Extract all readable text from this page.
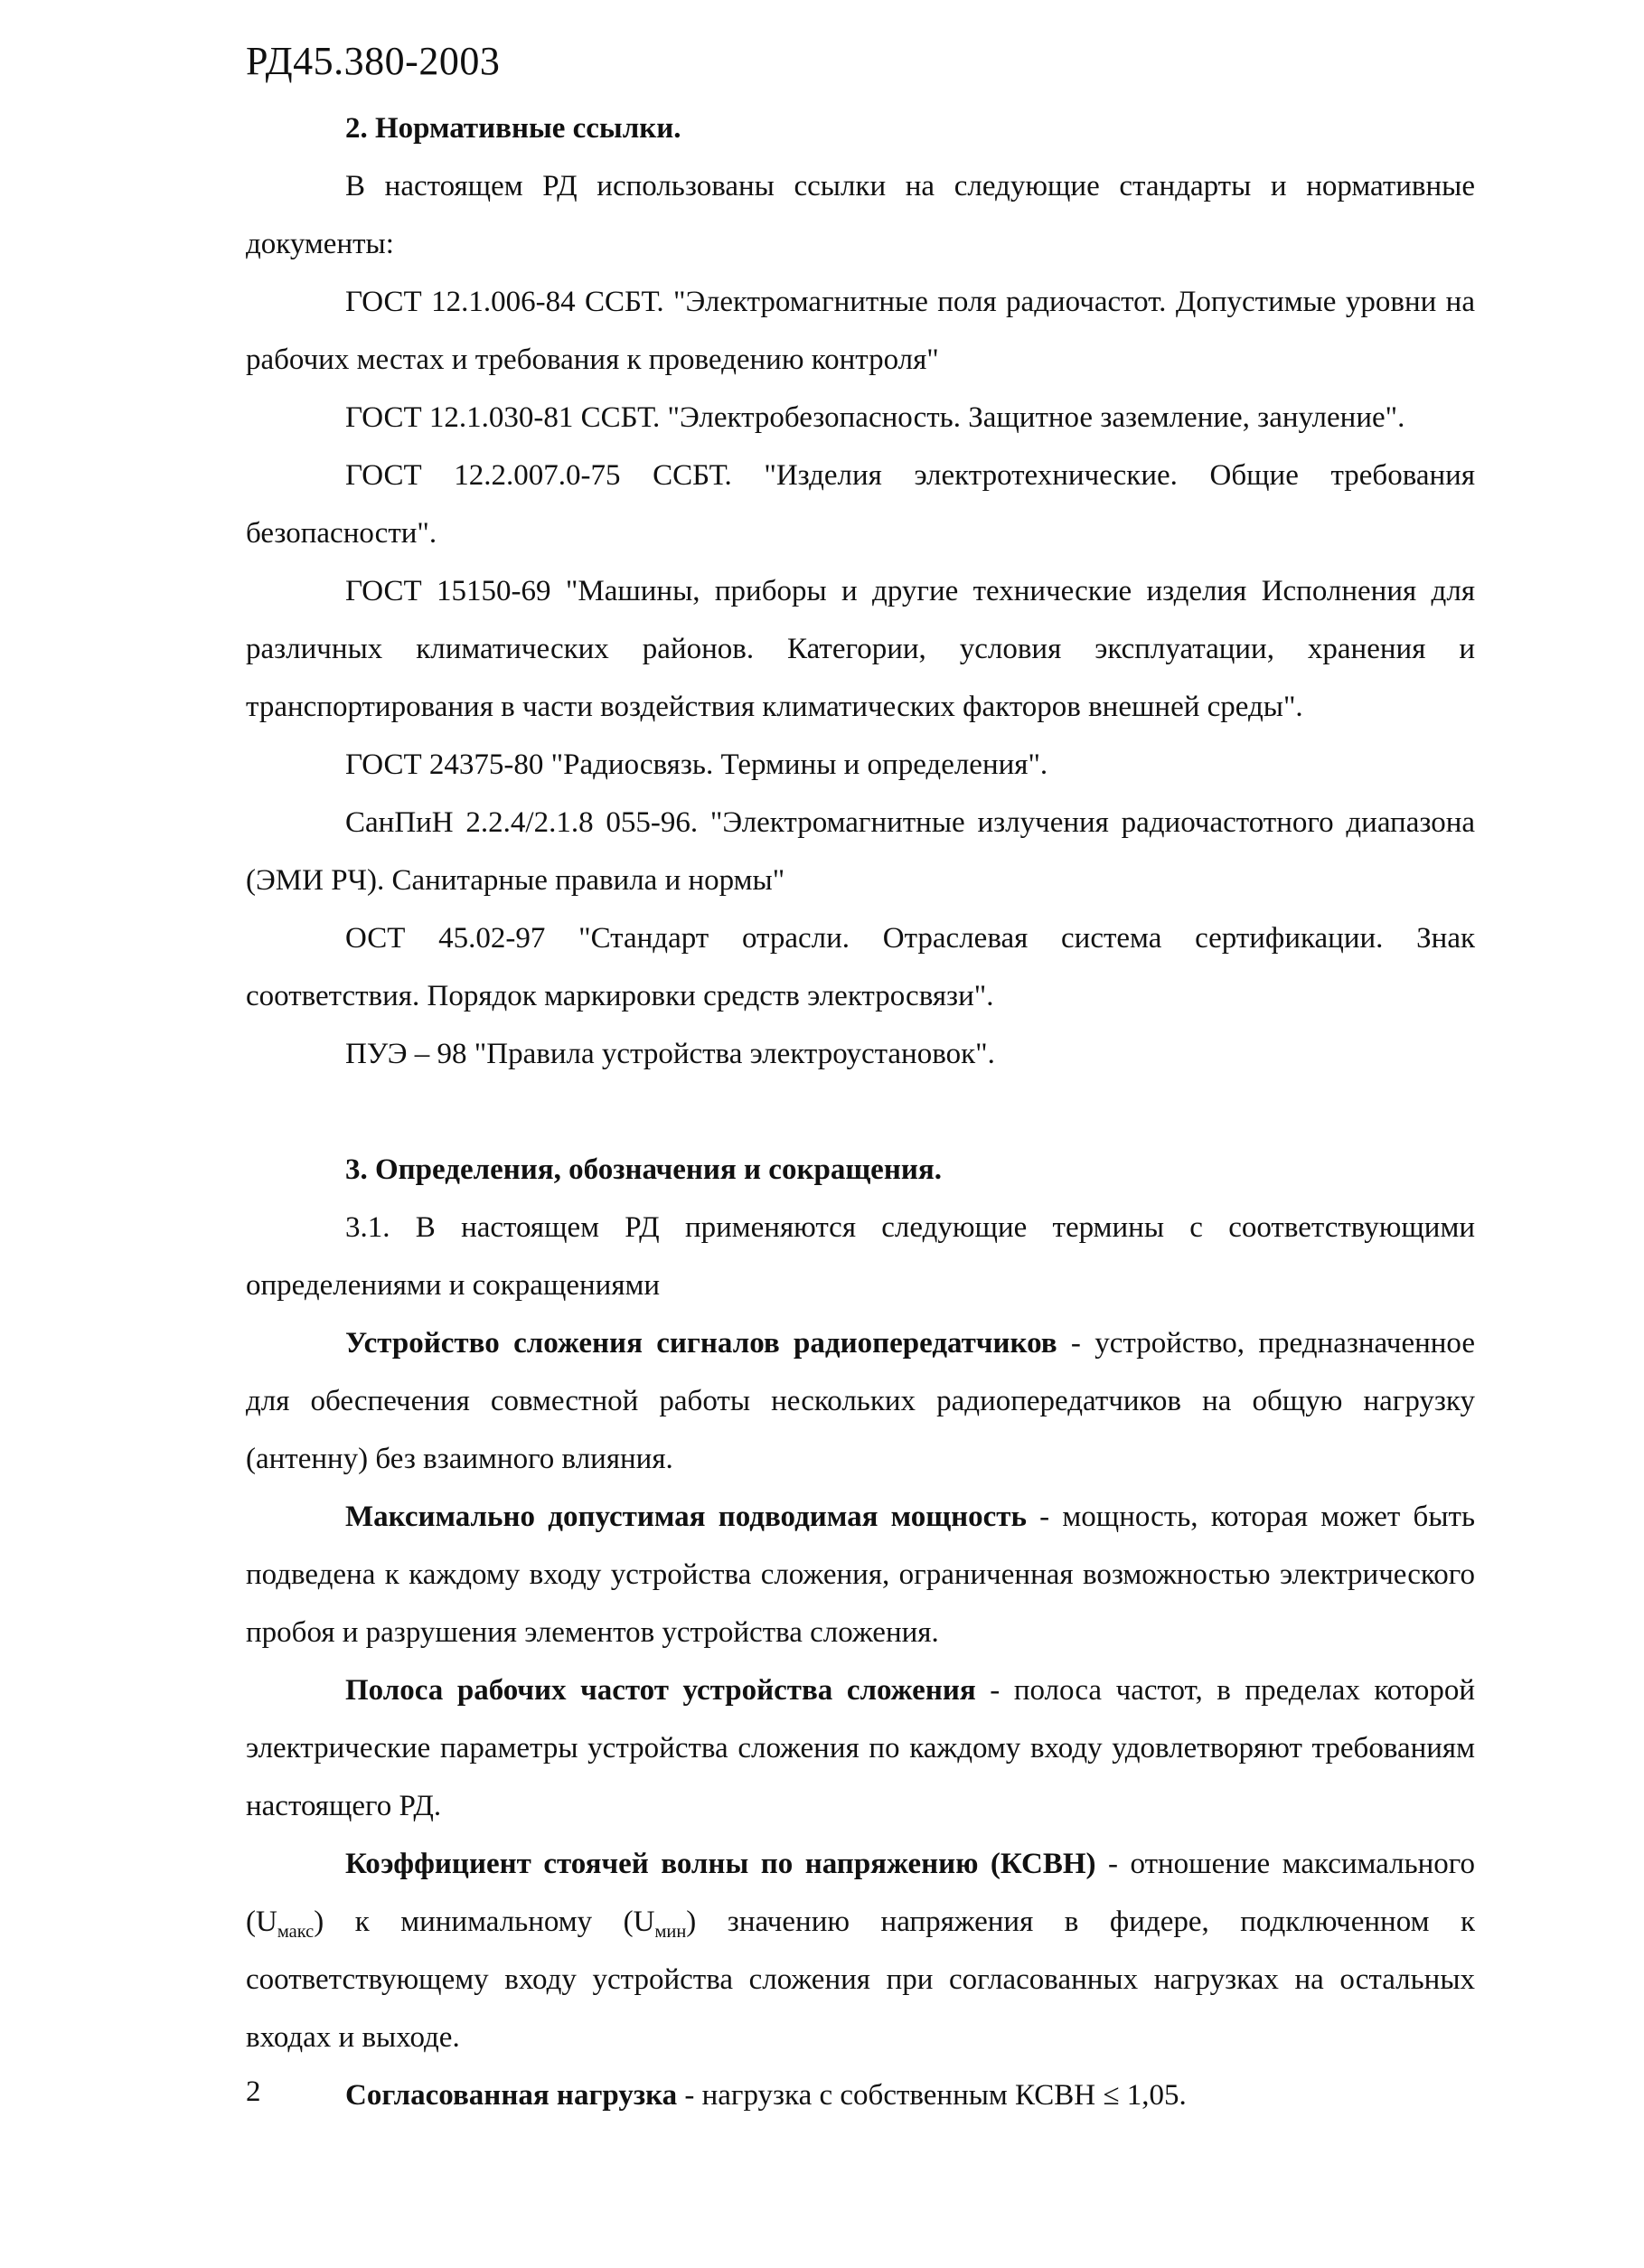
РД45.380-2003

2. Нормативные ссылки.

В настоящем РД использованы ссылки на следующие стандарты и нормативные документы:

ГОСТ 12.1.006-84 ССБТ. "Электромагнитные поля радиочастот. Допустимые уровни на рабочих местах и требования к проведению контроля"

ГОСТ 12.1.030-81 ССБТ. "Электробезопасность. Защитное заземление, зануление".

ГОСТ 12.2.007.0-75 ССБТ. "Изделия электротехнические. Общие требования безопасности".

ГОСТ 15150-69 "Машины, приборы и другие технические изделия Исполнения для различных климатических районов. Категории, условия эксплуатации, хранения и транспортирования в части воздействия климатических факторов внешней среды".

ГОСТ 24375-80 "Радиосвязь. Термины и определения".

СанПиН 2.2.4/2.1.8 055-96. "Электромагнитные излучения радиочастотного диапазона (ЭМИ РЧ). Санитарные правила и нормы"

ОСТ 45.02-97 "Стандарт отрасли. Отраслевая система сертификации. Знак соответствия. Порядок маркировки средств электросвязи".

ПУЭ – 98 "Правила устройства электроустановок".

3. Определения, обозначения и сокращения.

3.1. В настоящем РД применяются следующие термины с соответствующими определениями и сокращениями

Устройство сложения сигналов радиопередатчиков - устройство, предназначенное для обеспечения совместной работы нескольких радиопередатчиков на общую нагрузку (антенну) без взаимного влияния.

Максимально допустимая подводимая мощность - мощность, которая может быть подведена к каждому входу устройства сложения, ограниченная возможностью электрического пробоя и разрушения элементов устройства сложения.

Полоса рабочих частот устройства сложения - полоса частот, в пределах которой электрические параметры устройства сложения по каждому входу удовлетворяют требованиям настоящего РД.

Коэффициент стоячей волны по напряжению (КСВН) - отношение максимального $(U_{макс})$ к минимальному $(U_{мин})$ значению напряжения в фидере, подключенном к соответствующему входу устройства сложения при согласованных нагрузках на остальных входах и выходе.

Согласованная нагрузка - нагрузка с собственным КСВН ≤ 1,05.

2
